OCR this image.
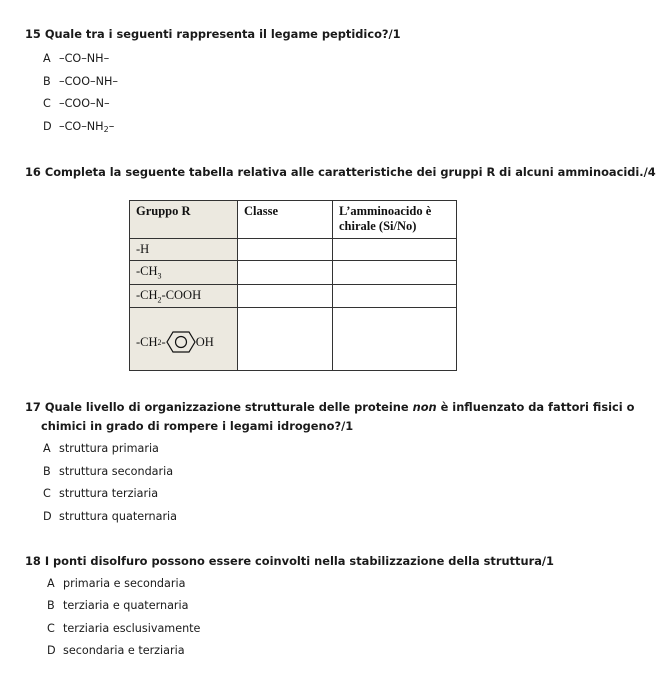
15 Quale tra i seguenti rappresenta il legame peptidico?/1
A –CO–NH–
B –COO–NH–
C –COO–N–
D $-CO-NH_2-$
16 Completa la seguente tabella relativa alle caratteristiche dei gruppi R di alcuni amminoacidi./4
Gruppo R	Classe	L’amminoacido è chirale (Si/No)
-H		
$-CH_3$		
$-CH_2$-COOH		

-CH 2 - OH		

17 Quale livello di organizzazione strutturale delle proteine non è influenzato da fattori fisici o
chimici in grado di rompere i legami idrogeno?/1
A struttura primaria
B struttura secondaria
C struttura terziaria
D struttura quaternaria
18 I ponti disolfuro possono essere coinvolti nella stabilizzazione della struttura/1
A primaria e secondaria
B terziaria e quaternaria
C terziaria esclusivamente
D secondaria e terziaria
